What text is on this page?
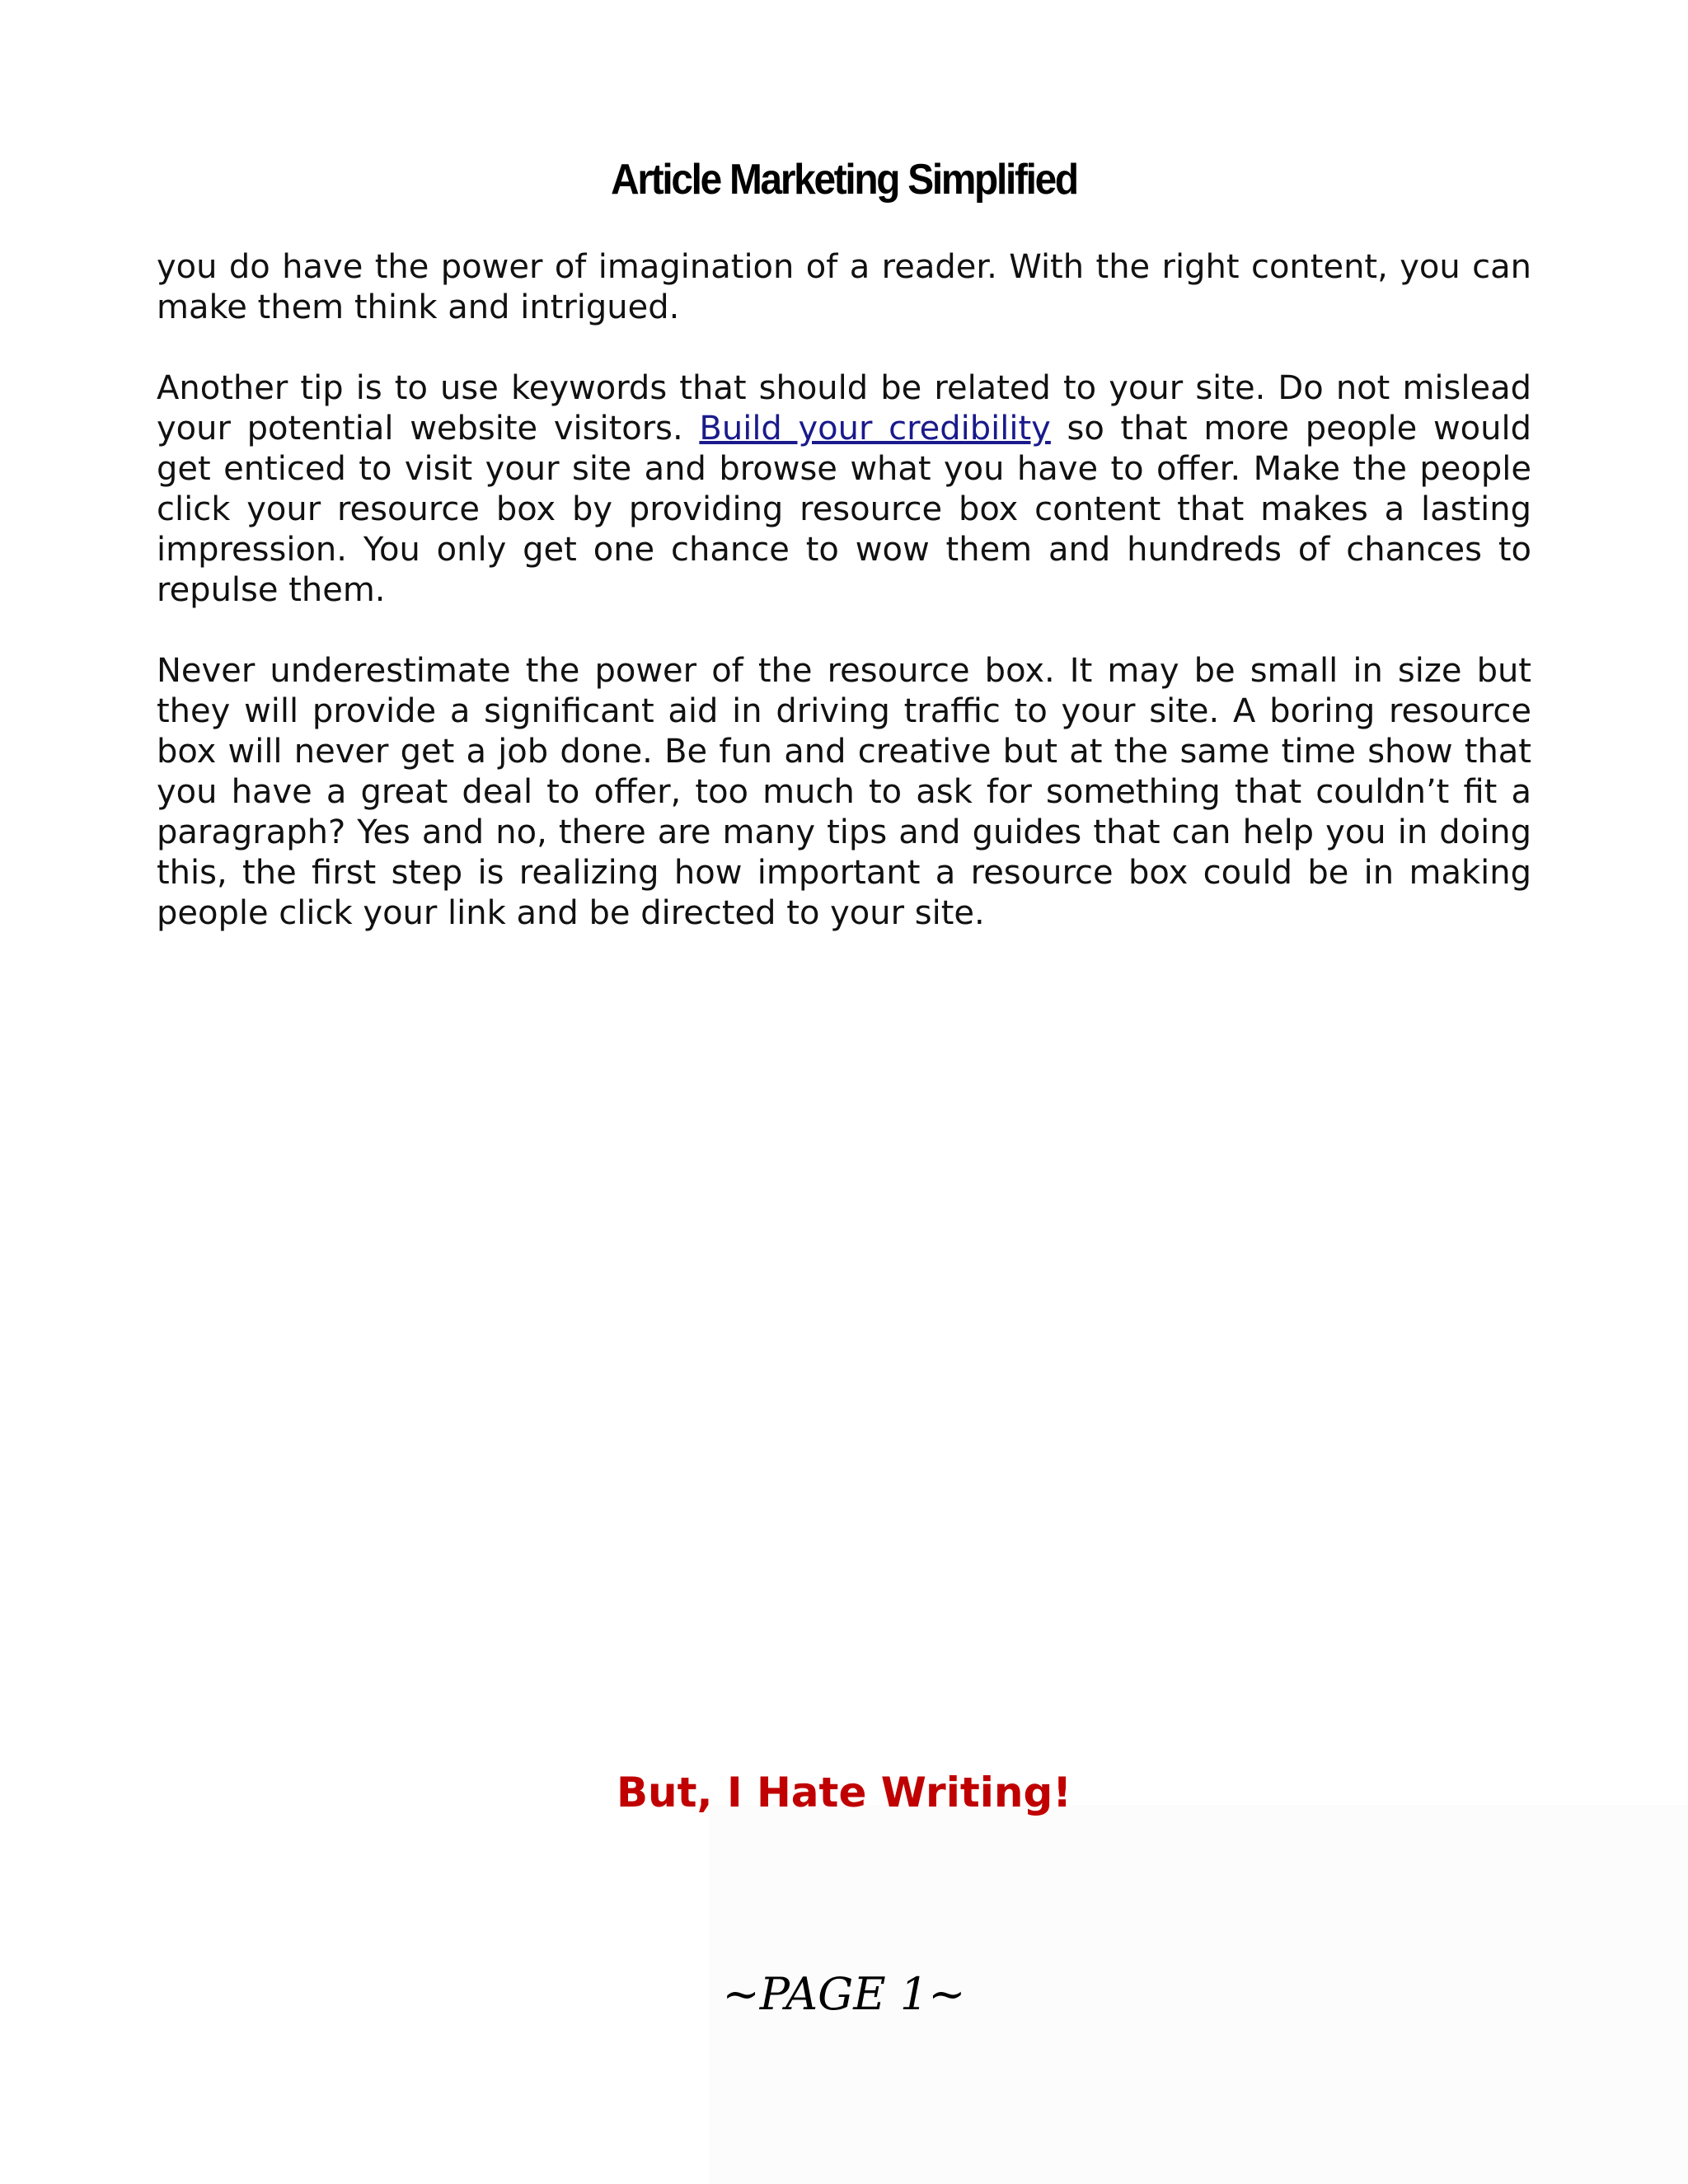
Article Marketing Simplified

you do have the power of imagination of a reader. With the right content, you can make them think and intrigued.

Another tip is to use keywords that should be related to your site. Do not mislead your potential website visitors. Build your credibility so that more people would get enticed to visit your site and browse what you have to offer. Make the people click your resource box by providing resource box content that makes a lasting impression. You only get one chance to wow them and hundreds of chances to repulse them.

Never underestimate the power of the resource box. It may be small in size but they will provide a significant aid in driving traffic to your site. A boring resource box will never get a job done. Be fun and creative but at the same time show that you have a great deal to offer, too much to ask for something that couldn’t fit a paragraph? Yes and no, there are many tips and guides that can help you in doing this, the first step is realizing how important a resource box could be in making people click your link and be directed to your site.

But, I Hate Writing!
~PAGE 1~
